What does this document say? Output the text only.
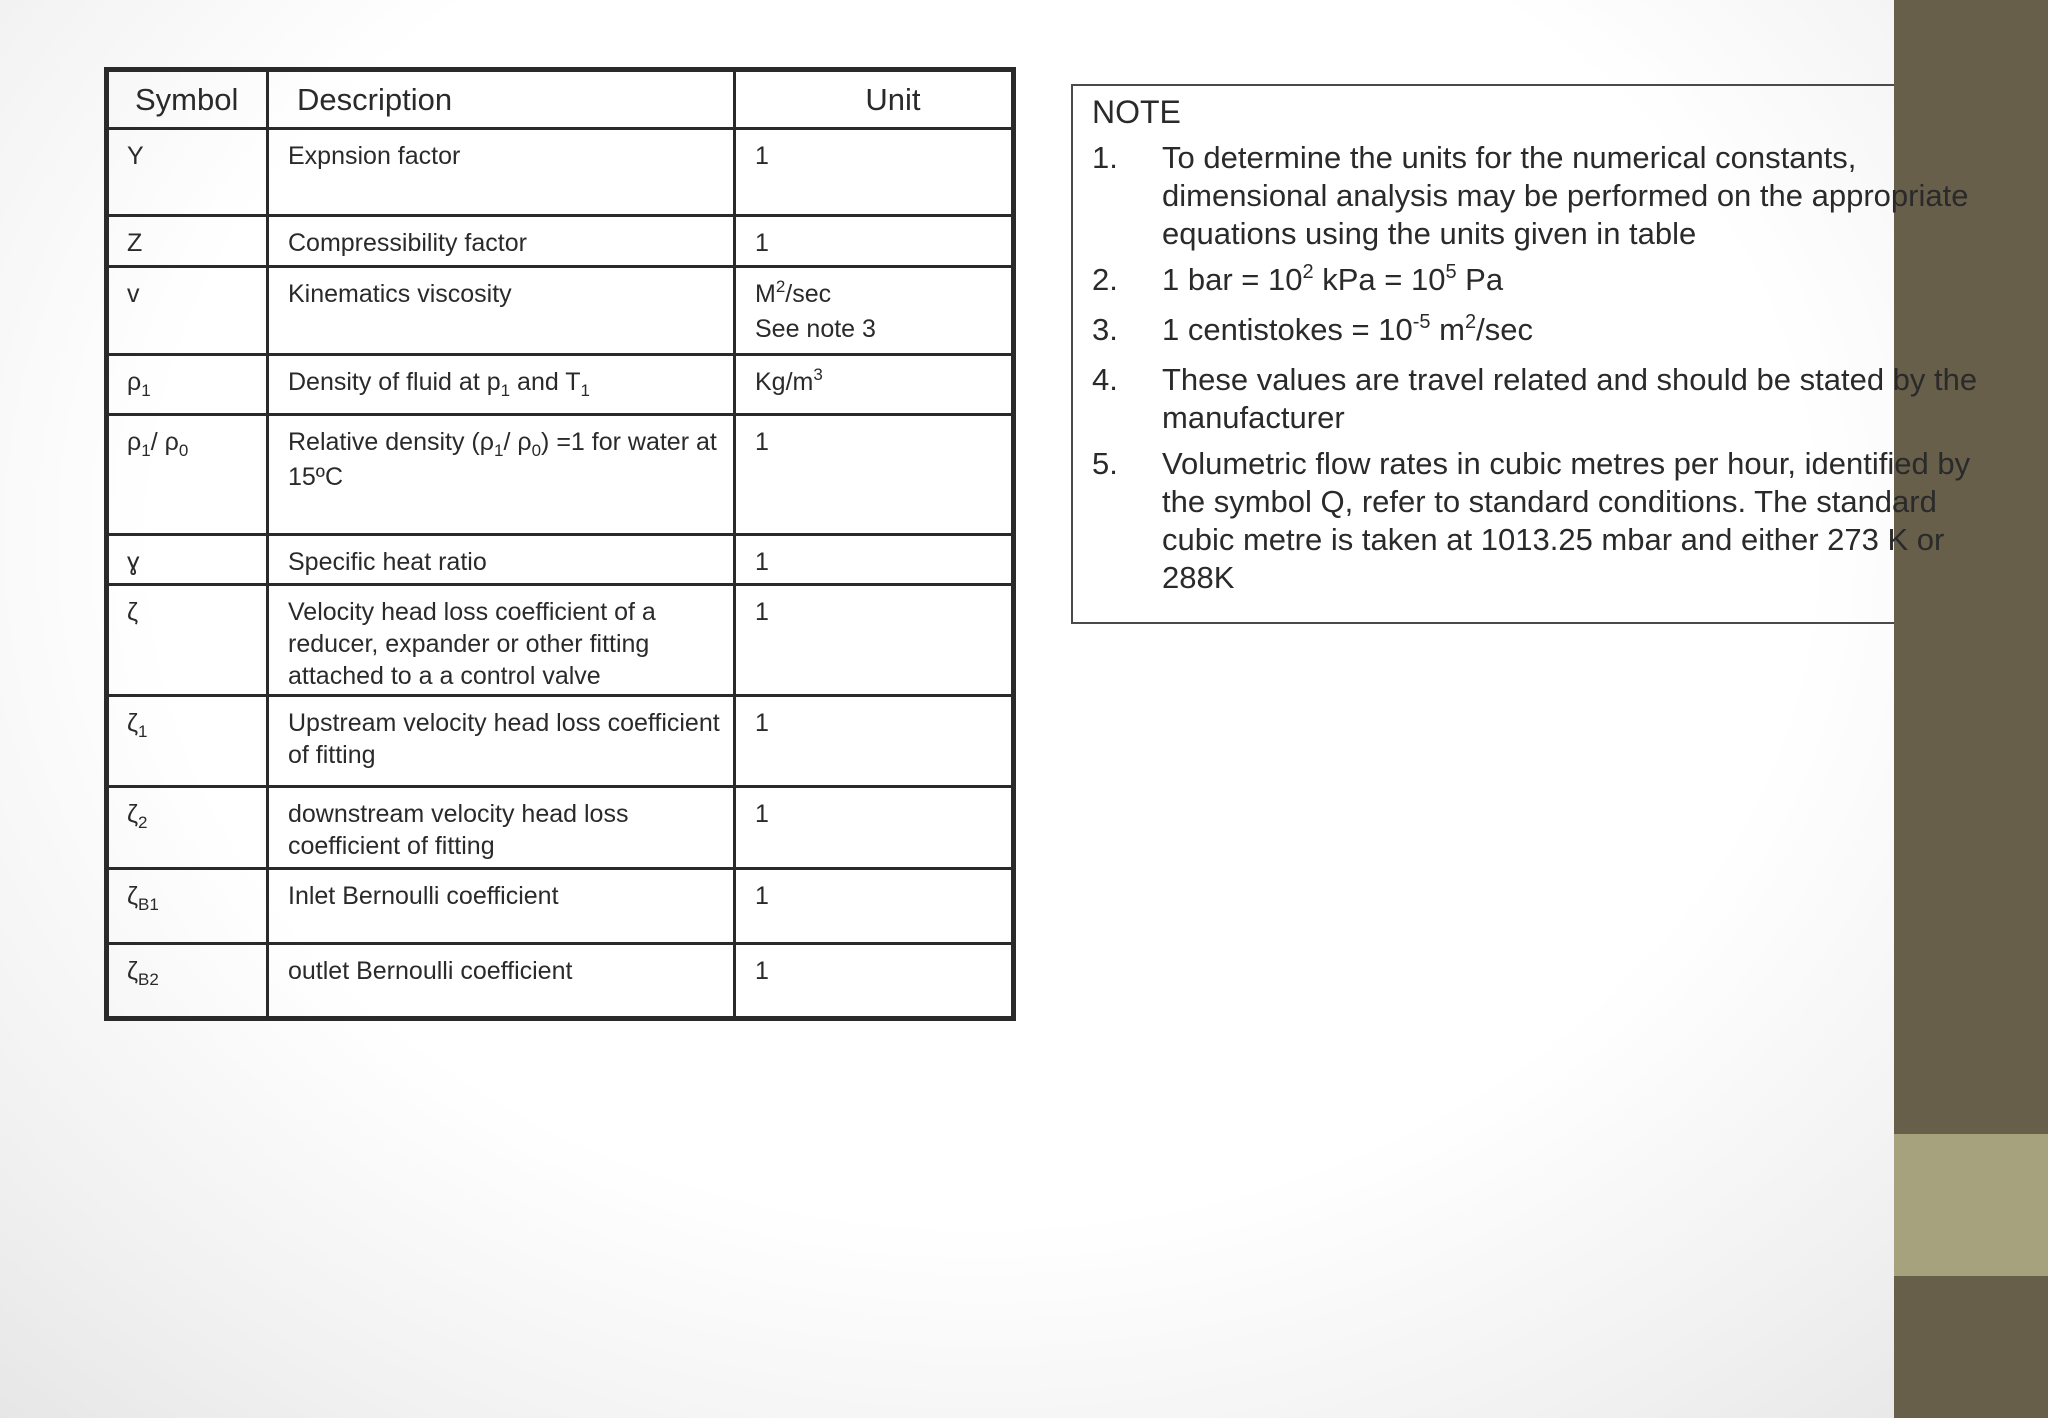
Symbol	Description	Unit
Y	Expnsion factor	1
Z	Compressibility factor	1
v	Kinematics viscosity	$M^2/\sec$
See note 3
$\rho_1$	Density of fluid at $p_1$ and $T_1$	$Kg/m^3$
$\rho_1/$ $\rho_0$	Relative density ($\rho_1/$ $\rho_0) =1$ for water at 15ºC	1
ɣ	Specific heat ratio	1
ζ	Velocity head loss coefficient of a reducer, expander or other fitting attached to a a control valve	1
$\zeta_1$	Upstream velocity head loss coefficient of fitting	1
$\zeta_2$	downstream velocity head loss coefficient of fitting	1
$\zeta_{B1}$	Inlet Bernoulli coefficient	1
$\zeta_{B2}$	outlet Bernoulli coefficient	1
NOTE
1.	To determine the units for the numerical constants, dimensional analysis may be performed on the appropriate equations using the units given in table
2.	1 bar = $10^2$ kPa = $10^5$ Pa
3.	1 centistokes = $10^{-5}$ $m^2/\sec$
4.	These values are travel related and should be stated by the manufacturer
5.	Volumetric flow rates in cubic metres per hour, identified by the symbol Q, refer to standard conditions. The standard cubic metre is taken at 1013.25 mbar and either 273 K or 288K
